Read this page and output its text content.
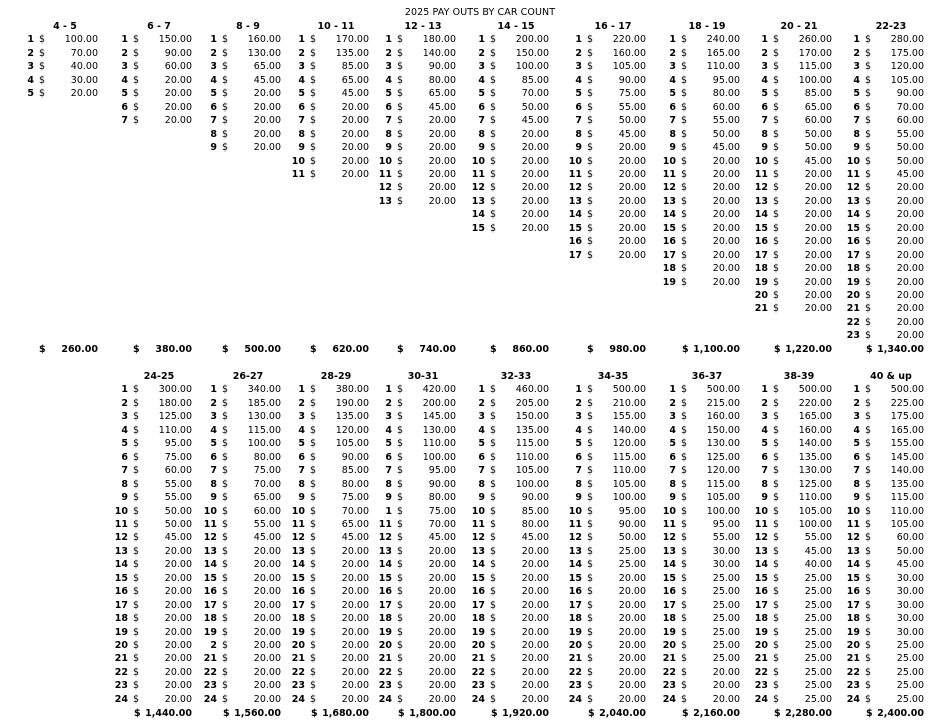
2025 PAY OUTS BY CAR COUNT
4 - 5
1 $	100.00
2 $	70.00
3 $	40.00
4 $	30.00
5 $	20.00
$	260.00
6 - 7
1 $	150.00
2 $	90.00
3 $	60.00
4 $	20.00
5 $	20.00
6 $	20.00
7 $	20.00
$	380.00
8 - 9
1 $	160.00
2 $	130.00
3 $	65.00
4 $	45.00
5 $	20.00
6 $	20.00
7 $	20.00
8 $	20.00
9 $	20.00
$	500.00
10 - 11
1 $	170.00
2 $	135.00
3 $	85.00
4 $	65.00
5 $	45.00
6 $	20.00
7 $	20.00
8 $	20.00
9 $	20.00
10 $	20.00
11 $	20.00
$	620.00
12 - 13
1 $	180.00
2 $	140.00
3 $	90.00
4 $	80.00
5 $	65.00
6 $	45.00
7 $	20.00
8 $	20.00
9 $	20.00
10 $	20.00
11 $	20.00
12 $	20.00
13 $	20.00
$	740.00
14 - 15
1 $	200.00
2 $	150.00
3 $	100.00
4 $	85.00
5 $	70.00
6 $	50.00
7 $	45.00
8 $	20.00
9 $	20.00
10 $	20.00
11 $	20.00
12 $	20.00
13 $	20.00
14 $	20.00
15 $	20.00
$	860.00
16 - 17
1 $	220.00
2 $	160.00
3 $	105.00
4 $	90.00
5 $	75.00
6 $	55.00
7 $	50.00
8 $	45.00
9 $	20.00
10 $	20.00
11 $	20.00
12 $	20.00
13 $	20.00
14 $	20.00
15 $	20.00
16 $	20.00
17 $	20.00
$	980.00
18 - 19
1 $	240.00
2 $	165.00
3 $	110.00
4 $	95.00
5 $	80.00
6 $	60.00
7 $	55.00
8 $	50.00
9 $	45.00
10 $	20.00
11 $	20.00
12 $	20.00
13 $	20.00
14 $	20.00
15 $	20.00
16 $	20.00
17 $	20.00
18 $	20.00
19 $	20.00
$ 1,100.00
20 - 21
1 $	260.00
2 $	170.00
3 $	115.00
4 $	100.00
5 $	85.00
6 $	65.00
7 $	60.00
8 $	50.00
9 $	50.00
10 $	45.00
11 $	20.00
12 $	20.00
13 $	20.00
14 $	20.00
15 $	20.00
16 $	20.00
17 $	20.00
18 $	20.00
19 $	20.00
20 $	20.00
21 $	20.00
$ 1,220.00
22-23
1 $	280.00
2 $	175.00
3 $	120.00
4 $	105.00
5 $	90.00
6 $	70.00
7 $	60.00
8 $	55.00
9 $	50.00
10 $	50.00
11 $	45.00
12 $	20.00
13 $	20.00
14 $	20.00
15 $	20.00
16 $	20.00
17 $	20.00
18 $	20.00
19 $	20.00
20 $	20.00
21 $	20.00
22 $	20.00
23 $	20.00
$ 1,340.00
24-25
1 $	300.00
2 $	180.00
3 $	125.00
4 $	110.00
5 $	95.00
6 $	75.00
7 $	60.00
8 $	55.00
9 $	55.00
10 $	50.00
11 $	50.00
12 $	45.00
13 $	20.00
14 $	20.00
15 $	20.00
16 $	20.00
17 $	20.00
18 $	20.00
19 $	20.00
20 $	20.00
21 $	20.00
22 $	20.00
23 $	20.00
24 $	20.00
$ 1,440.00
26-27
1 $	340.00
2 $	185.00
3 $	130.00
4 $	115.00
5 $	100.00
6 $	80.00
7 $	75.00
8 $	70.00
9 $	65.00
10 $	60.00
11 $	55.00
12 $	45.00
13 $	20.00
14 $	20.00
15 $	20.00
16 $	20.00
17 $	20.00
18 $	20.00
19 $	20.00
2 $	20.00
21 $	20.00
22 $	20.00
23 $	20.00
24 $	20.00
$ 1,560.00
28-29
1 $	380.00
2 $	190.00
3 $	135.00
4 $	120.00
5 $	105.00
6 $	90.00
7 $	85.00
8 $	80.00
9 $	75.00
10 $	70.00
11 $	65.00
12 $	45.00
13 $	20.00
14 $	20.00
15 $	20.00
16 $	20.00
17 $	20.00
18 $	20.00
19 $	20.00
20 $	20.00
21 $	20.00
22 $	20.00
23 $	20.00
24 $	20.00
$ 1,680.00
30-31
1 $	420.00
2 $	200.00
3 $	145.00
4 $	130.00
5 $	110.00
6 $	100.00
7 $	95.00
8 $	90.00
9 $	80.00
1 $	75.00
11 $	70.00
12 $	45.00
13 $	20.00
14 $	20.00
15 $	20.00
16 $	20.00
17 $	20.00
18 $	20.00
19 $	20.00
20 $	20.00
21 $	20.00
22 $	20.00
23 $	20.00
24 $	20.00
$ 1,800.00
32-33
1 $	460.00
2 $	205.00
3 $	150.00
4 $	135.00
5 $	115.00
6 $	110.00
7 $	105.00
8 $	100.00
9 $	90.00
10 $	85.00
11 $	80.00
12 $	45.00
13 $	20.00
14 $	20.00
15 $	20.00
16 $	20.00
17 $	20.00
18 $	20.00
19 $	20.00
20 $	20.00
21 $	20.00
22 $	20.00
23 $	20.00
24 $	20.00
$ 1,920.00
34-35
1 $	500.00
2 $	210.00
3 $	155.00
4 $	140.00
5 $	120.00
6 $	115.00
7 $	110.00
8 $	105.00
9 $	100.00
10 $	95.00
11 $	90.00
12 $	50.00
13 $	25.00
14 $	25.00
15 $	20.00
16 $	20.00
17 $	20.00
18 $	20.00
19 $	20.00
20 $	20.00
21 $	20.00
22 $	20.00
23 $	20.00
24 $	20.00
$ 2,040.00
36-37
1 $	500.00
2 $	215.00
3 $	160.00
4 $	150.00
5 $	130.00
6 $	125.00
7 $	120.00
8 $	115.00
9 $	105.00
10 $	100.00
11 $	95.00
12 $	55.00
13 $	30.00
14 $	30.00
15 $	25.00
16 $	25.00
17 $	25.00
18 $	25.00
19 $	25.00
20 $	25.00
21 $	25.00
22 $	20.00
23 $	20.00
24 $	20.00
$ 2,160.00
38-39
1 $	500.00
2 $	220.00
3 $	165.00
4 $	160.00
5 $	140.00
6 $	135.00
7 $	130.00
8 $	125.00
9 $	110.00
10 $	105.00
11 $	100.00
12 $	55.00
13 $	45.00
14 $	40.00
15 $	25.00
16 $	25.00
17 $	25.00
18 $	25.00
19 $	25.00
20 $	25.00
21 $	25.00
22 $	25.00
23 $	25.00
24 $	25.00
$ 2,280.00
40 & up
1 $	500.00
2 $	225.00
3 $	175.00
4 $	165.00
5 $	155.00
6 $	145.00
7 $	140.00
8 $	135.00
9 $	115.00
10 $	110.00
11 $	105.00
12 $	60.00
13 $	50.00
14 $	45.00
15 $	30.00
16 $	30.00
17 $	30.00
18 $	30.00
19 $	30.00
20 $	25.00
21 $	25.00
22 $	25.00
23 $	25.00
24 $	25.00
$ 2,400.00
